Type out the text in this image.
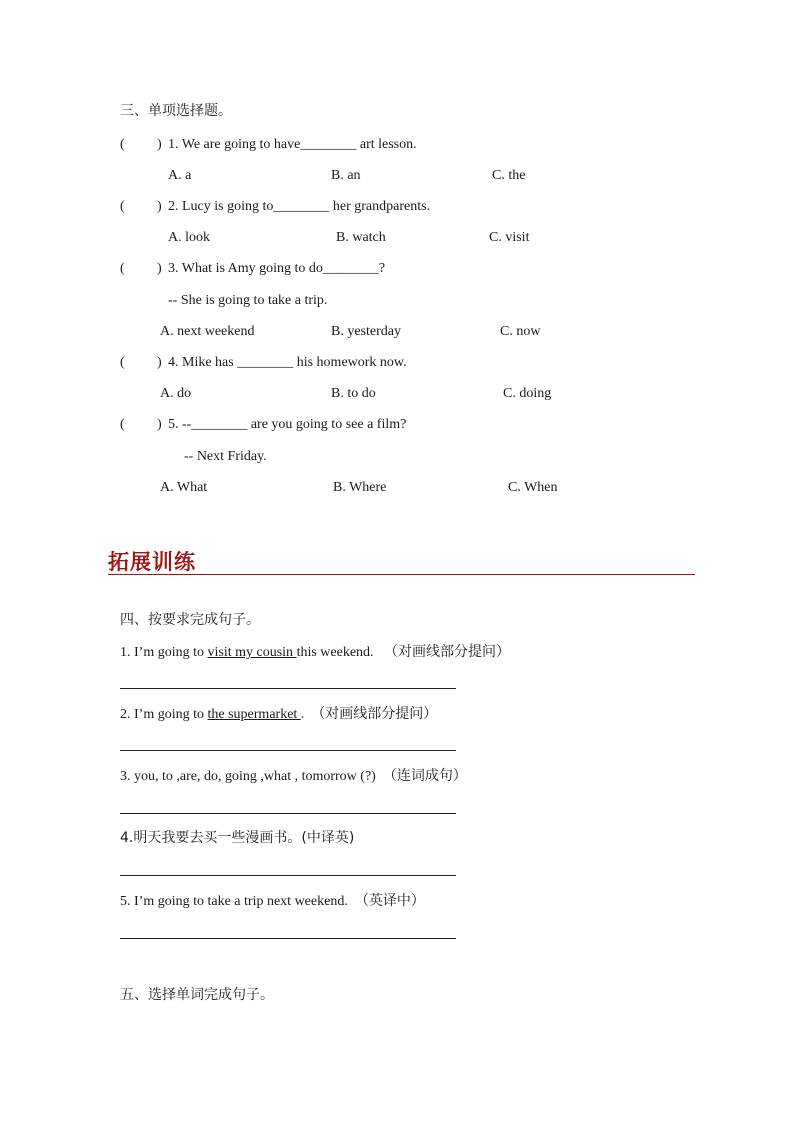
三、单项选择题。
( ) 1. We are going to have________ art lesson.
A. a	B. an	C. the
( ) 2. Lucy is going to________ her grandparents.
A. look	B. watch	C. visit
( ) 3. What is Amy going to do________?
-- She is going to take a trip.
A. next weekend	B. yesterday	C. now
( ) 4. Mike has ________ his homework now.
A. do	B. to do	C. doing
( ) 5. --________ are you going to see a film?
-- Next Friday.
A. What	B. Where	C. When
拓展训练
四、按要求完成句子。
1. I’m going to visit my cousin this weekend. （对画线部分提问）
2. I’m going to the supermarket . （对画线部分提问）
3. you, to ,are, do, going ,what , tomorrow (?) （连词成句）
4.明天我要去买一些漫画书。(中译英)
5. I’m going to take a trip next weekend. （英译中）
五、选择单词完成句子。
